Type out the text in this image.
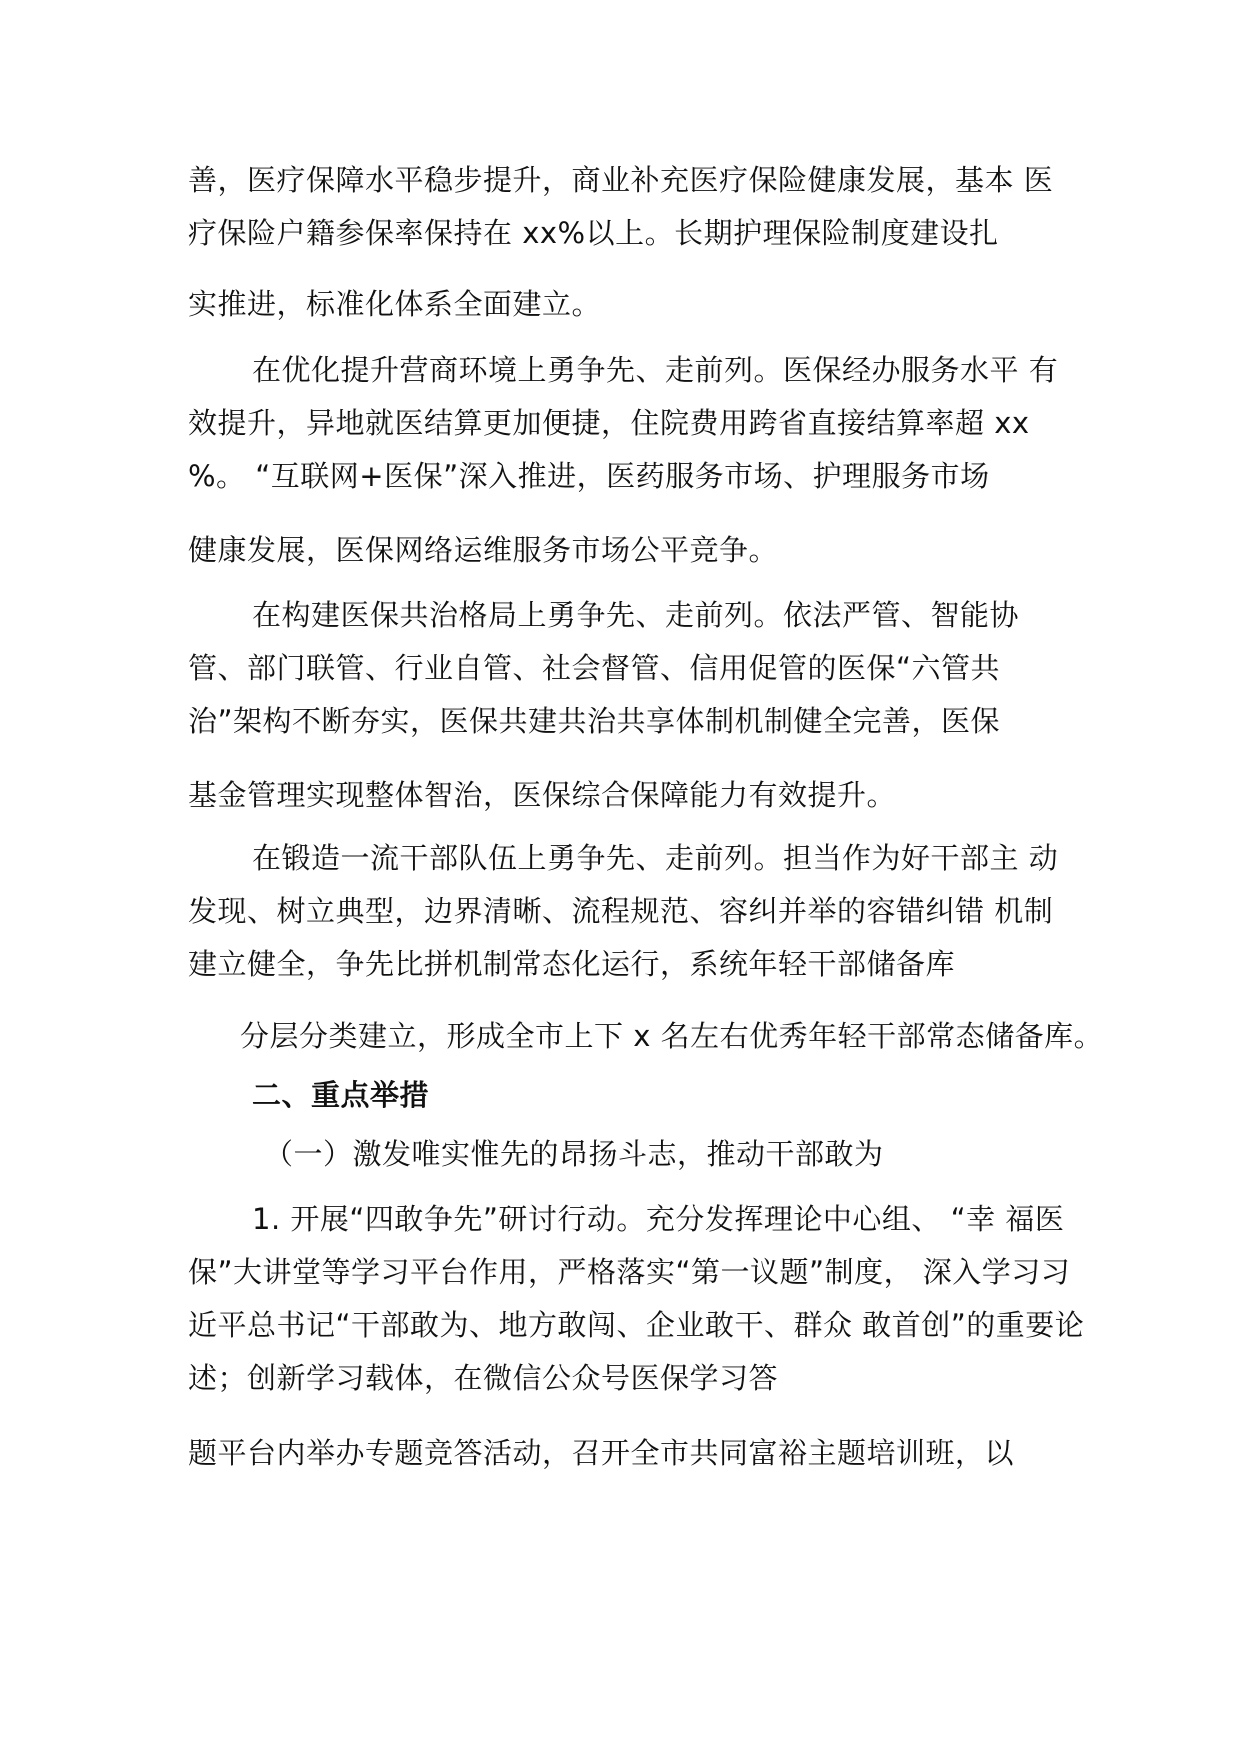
善，医疗保障水平稳步提升，商业补充医疗保险健康发展，基本 医
疗保险户籍参保率保持在 xx%以上。长期护理保险制度建设扎
实推进，标准化体系全面建立。
在优化提升营商环境上勇争先、走前列。医保经办服务水平 有
效提升，异地就医结算更加便捷，住院费用跨省直接结算率超 xx
%。 “互联网+医保”深入推进，医药服务市场、护理服务市场
健康发展，医保网络运维服务市场公平竞争。
在构建医保共治格局上勇争先、走前列。依法严管、智能协
管、部门联管、行业自管、社会督管、信用促管的医保“六管共
治”架构不断夯实，医保共建共治共享体制机制健全完善，医保
基金管理实现整体智治，医保综合保障能力有效提升。
在锻造一流干部队伍上勇争先、走前列。担当作为好干部主 动
发现、树立典型，边界清晰、流程规范、容纠并举的容错纠错 机制
建立健全，争先比拼机制常态化运行，系统年轻干部储备库
分层分类建立，形成全市上下 x 名左右优秀年轻干部常态储备库。
二、重点举措
（一）激发唯实惟先的昂扬斗志，推动干部敢为
1. 开展“四敢争先”研讨行动。充分发挥理论中心组、 “幸 福医
保”大讲堂等学习平台作用，严格落实“第一议题”制度， 深入学习习
近平总书记“干部敢为、地方敢闯、企业敢干、群众 敢首创”的重要论
述；创新学习载体，在微信公众号医保学习答
题平台内举办专题竞答活动，召开全市共同富裕主题培训班，以
